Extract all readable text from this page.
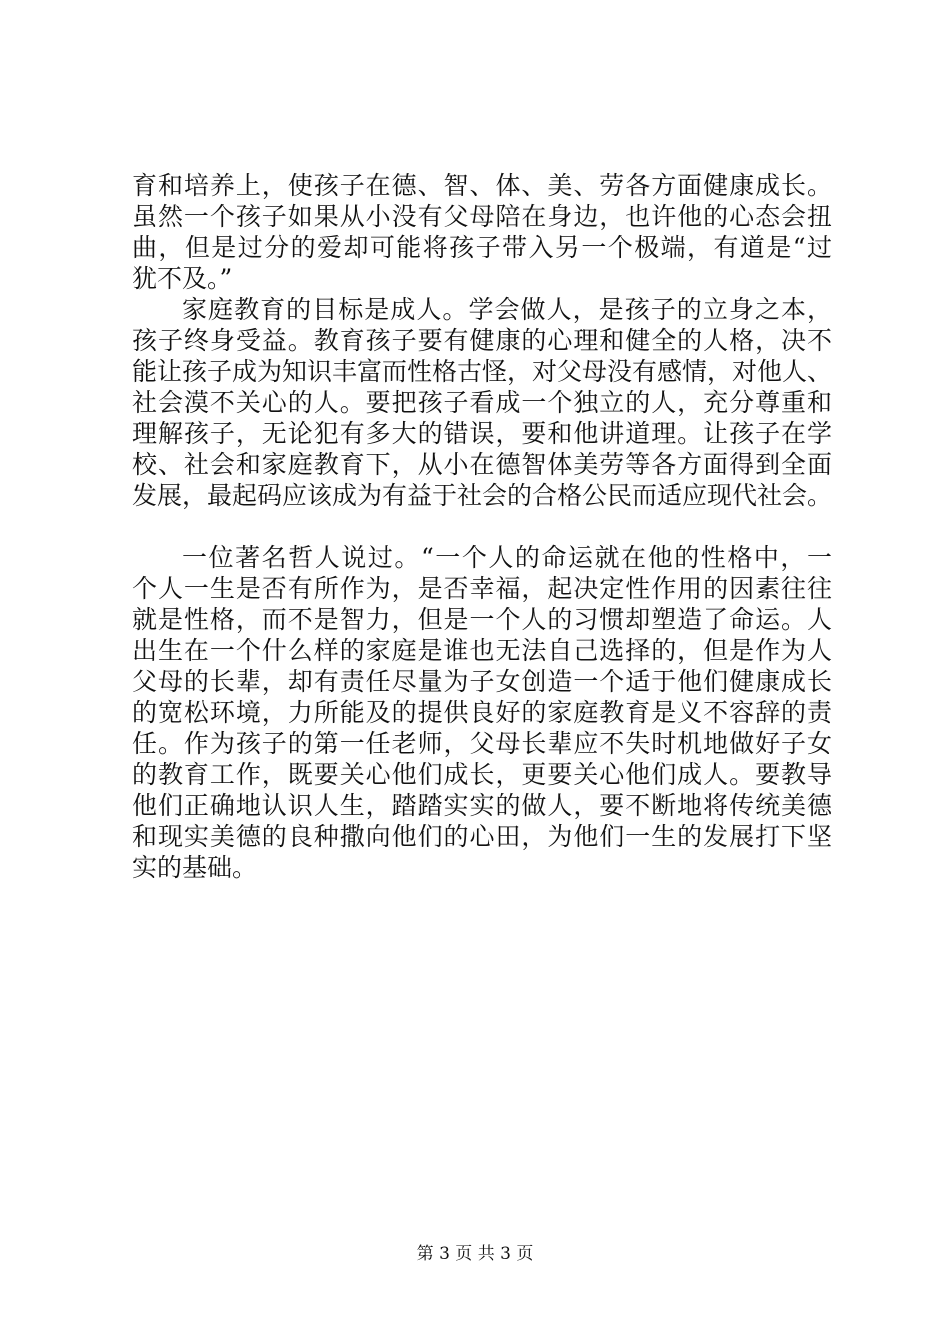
育和培养上，使孩子在德、智、体、美、劳各方面健康成长。
虽然一个孩子如果从小没有父母陪在身边，也许他的心态会扭
曲，但是过分的爱却可能将孩子带入另一个极端，有道是“过
犹不及。”
家庭教育的目标是成人。学会做人，是孩子的立身之本，
孩子终身受益。教育孩子要有健康的心理和健全的人格，决不
能让孩子成为知识丰富而性格古怪，对父母没有感情，对他人、
社会漠不关心的人。要把孩子看成一个独立的人，充分尊重和
理解孩子，无论犯有多大的错误，要和他讲道理。让孩子在学
校、社会和家庭教育下，从小在德智体美劳等各方面得到全面
发展，最起码应该成为有益于社会的合格公民而适应现代社会。
一位著名哲人说过。“一个人的命运就在他的性格中，一
个人一生是否有所作为，是否幸福，起决定性作用的因素往往
就是性格，而不是智力，但是一个人的习惯却塑造了命运。人
出生在一个什么样的家庭是谁也无法自己选择的，但是作为人
父母的长辈，却有责任尽量为子女创造一个适于他们健康成长
的宽松环境，力所能及的提供良好的家庭教育是义不容辞的责
任。作为孩子的第一任老师，父母长辈应不失时机地做好子女
的教育工作，既要关心他们成长，更要关心他们成人。要教导
他们正确地认识人生，踏踏实实的做人，要不断地将传统美德
和现实美德的良种撒向他们的心田，为他们一生的发展打下坚
实的基础。
第 3 页 共 3 页
